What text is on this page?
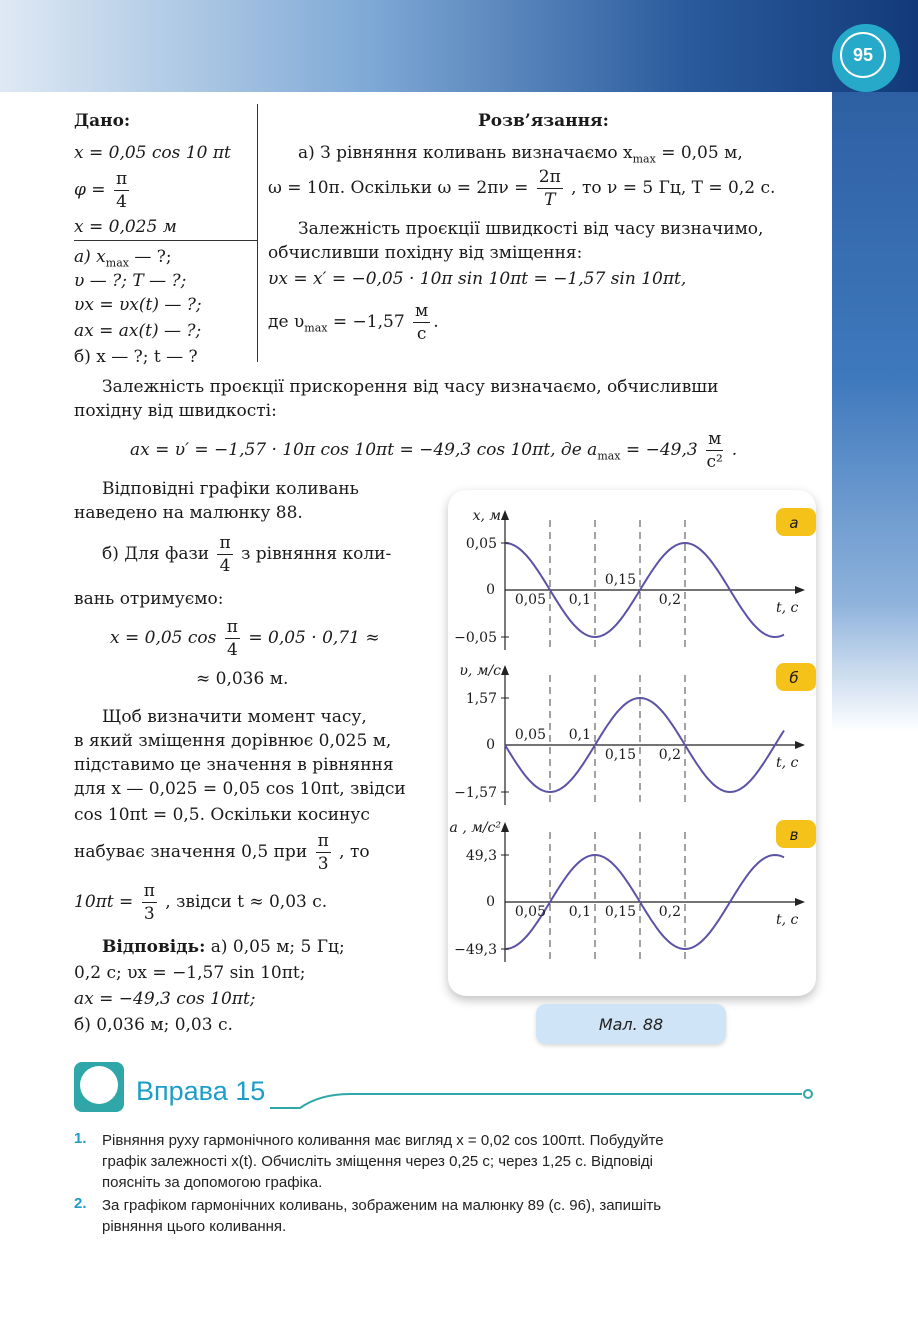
95
Дано:
x = 0,05 cos 10 πt
$\varphi = \frac{\pi}{4}$
x = 0,025 м
а) $x_{max}$ — ?;
υ — ?; T — ?;
υx = υx(t) — ?;
ax = ax(t) — ?;
б) x — ?; t — ?
Розв’язання:
а) З рівняння коливань визначаємо $x_{max} = 0,05$ м,
ω = 10π. Оскільки $\omega = 2\pi\nu = \frac{2\pi}{T}$ , то ν = 5 Гц, T = 0,2 с.
Залежність проєкції швидкості від часу визначимо,
обчисливши похідну від зміщення:
υx = x′ = −0,05 · 10π sin 10πt = −1,57 sin 10πt,
де $\upsilon_{max} = -1,57 \frac{м}{с}$ .
Залежність проєкції прискорення від часу визначаємо, обчисливши
похідну від швидкості:
ax = υ′ = −1,57 · 10π cos 10πt = −49,3 cos 10πt, де $a_{max} = -49,3 \frac{м}{\text{с²}}$ .
Відповідні графіки коливань
наведено на малюнку 88.
б) Для фази $\frac{\pi}{4}$ з рівняння коли-
вань отримуємо:
x = 0,05 $\cos \frac{\pi}{4} = 0,05 \cdot 0,71$ ≈
≈ 0,036 м.
Щоб визначити момент часу,
в який зміщення дорівнює 0,025 м,
підставимо це значення в рівняння
для x — 0,025 = 0,05 cos 10πt, звідси
cos 10πt = 0,5. Оскільки косинус
набуває значення 0,5 при $\frac{\pi}{3}$ , то
$10\pi t = \frac{\pi}{3}$ , звідси t ≈ 0,03 с.
Відповідь: а) 0,05 м; 5 Гц;
0,2 с; υx = −1,57 sin 10πt;
ax = −49,3 cos 10πt;
б) 0,036 м; 0,03 с.
0,05
0
−0,05
x, м
t, с
0,05 0,1
0,15
0,2
а
1,57
0
−1,57
υ, м/с
t, с
0,05 0,1
0,15 0,2
б
49,3
0
−49,3
a , м/с²
t, с
0,05 0,1 0,15 0,2
в
Мал. 88
Вправа 15
1. Рівняння руху гармонічного коливання має вигляд x = 0,02 cos 100πt. Побудуйте
графік залежності x(t). Обчисліть зміщення через 0,25 с; через 1,25 с. Відповіді
поясніть за допомогою графіка.
2. За графіком гармонічних коливань, зображеним на малюнку 89 (с. 96), запишіть
рівняння цього коливання.
